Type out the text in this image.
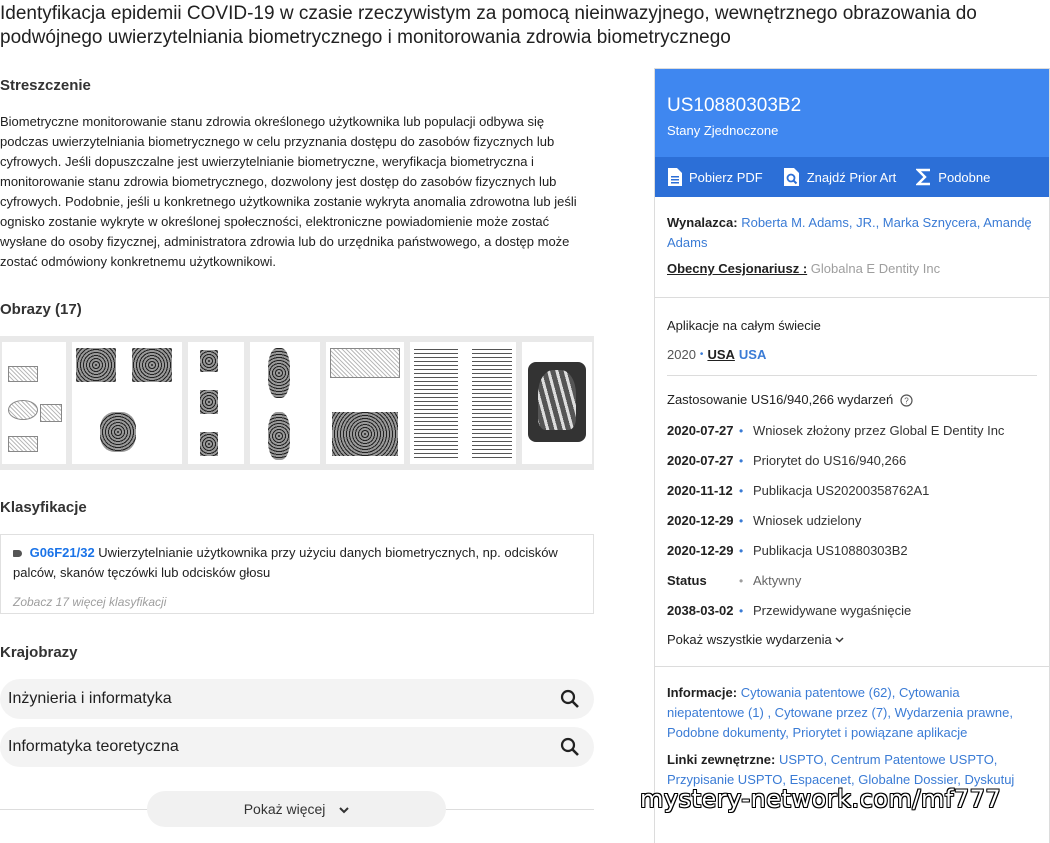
Identyfikacja epidemii COVID-19 w czasie rzeczywistym za pomocą nieinwazyjnego, wewnętrznego obrazowania do podwójnego uwierzytelniania biometrycznego i monitorowania zdrowia biometrycznego
Streszczenie
Biometryczne monitorowanie stanu zdrowia określonego użytkownika lub populacji odbywa się podczas uwierzytelniania biometrycznego w celu przyznania dostępu do zasobów fizycznych lub cyfrowych. Jeśli dopuszczalne jest uwierzytelnianie biometryczne, weryfikacja biometryczna i monitorowanie stanu zdrowia biometrycznego, dozwolony jest dostęp do zasobów fizycznych lub cyfrowych. Podobnie, jeśli u konkretnego użytkownika zostanie wykryta anomalia zdrowotna lub jeśli ognisko zostanie wykryte w określonej społeczności, elektroniczne powiadomienie może zostać wysłane do osoby fizycznej, administratora zdrowia lub do urzędnika państwowego, a dostęp może zostać odmówiony konkretnemu użytkownikowi.
Obrazy (17)
Klasyfikacje
G06F21/32 Uwierzytelnianie użytkownika przy użyciu danych biometrycznych, np. odcisków palców, skanów tęczówki lub odcisków głosu
Zobacz 17 więcej klasyfikacji
Krajobrazy
Inżynieria i informatyka
Informatyka teoretyczna
Pokaż więcej
US10880303B2
Stany Zjednoczone
Pobierz PDF	Znajdź Prior Art	Podobne
Wynalazca: Roberta M. Adams, JR., Marka Sznycera, Amandę Adams
Obecny Cesjonariusz : Globalna E Dentity Inc
Aplikacje na całym świecie
2020 • USA USA
Zastosowanie US16/940,266 wydarzeń ?
2020-07-27 • Wniosek złożony przez Global E Dentity Inc
2020-07-27 • Priorytet do US16/940,266
2020-11-12 • Publikacja US20200358762A1
2020-12-29 • Wniosek udzielony
2020-12-29 • Publikacja US10880303B2
Status	• Aktywny
2038-03-02 • Przewidywane wygaśnięcie
Pokaż wszystkie wydarzenia
Informacje: Cytowania patentowe (62), Cytowania niepatentowe (1) , Cytowane przez (7), Wydarzenia prawne, Podobne dokumenty, Priorytet i powiązane aplikacje
Linki zewnętrzne: USPTO, Centrum Patentowe USPTO, Przypisanie USPTO, Espacenet, Globalne Dossier, Dyskutuj
mystery-network.com/mf777
